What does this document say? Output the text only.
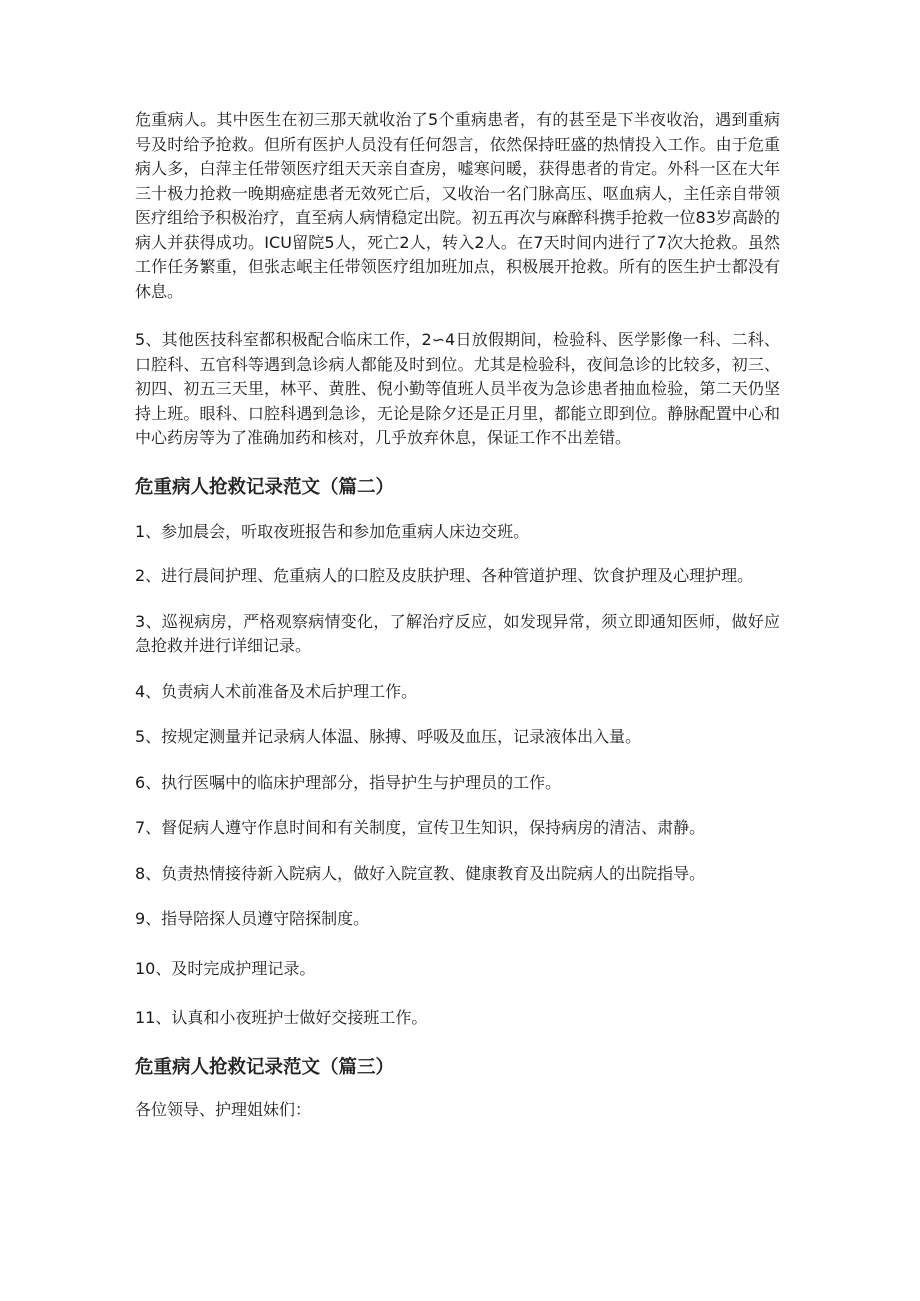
危重病人。其中医生在初三那天就收治了5个重病患者，有的甚至是下半夜收治，遇到重病号及时给予抢救。但所有医护人员没有任何怨言，依然保持旺盛的热情投入工作。由于危重病人多，白萍主任带领医疗组天天亲自查房，嘘寒问暖，获得患者的肯定。外科一区在大年三十极力抢救一晚期癌症患者无效死亡后，又收治一名门脉高压、呕血病人，主任亲自带领医疗组给予积极治疗，直至病人病情稳定出院。初五再次与麻醉科携手抢救一位83岁高龄的病人并获得成功。ICU留院5人，死亡2人，转入2人。在7天时间内进行了7次大抢救。虽然工作任务繁重，但张志岷主任带领医疗组加班加点，积极展开抢救。所有的医生护士都没有休息。

5、其他医技科室都积极配合临床工作，2∽4日放假期间，检验科、医学影像一科、二科、口腔科、五官科等遇到急诊病人都能及时到位。尤其是检验科，夜间急诊的比较多，初三、初四、初五三天里，林平、黄胜、倪小勤等值班人员半夜为急诊患者抽血检验，第二天仍坚持上班。眼科、口腔科遇到急诊，无论是除夕还是正月里，都能立即到位。静脉配置中心和中心药房等为了准确加药和核对，几乎放弃休息，保证工作不出差错。

危重病人抢救记录范文（篇二）
1、参加晨会，听取夜班报告和参加危重病人床边交班。
2、进行晨间护理、危重病人的口腔及皮肤护理、各种管道护理、饮食护理及心理护理。
3、巡视病房，严格观察病情变化，了解治疗反应，如发现异常，须立即通知医师，做好应急抢救并进行详细记录。
4、负责病人术前准备及术后护理工作。
5、按规定测量并记录病人体温、脉搏、呼吸及血压，记录液体出入量。
6、执行医嘱中的临床护理部分，指导护生与护理员的工作。
7、督促病人遵守作息时间和有关制度，宣传卫生知识，保持病房的清洁、肃静。
8、负责热情接待新入院病人，做好入院宣教、健康教育及出院病人的出院指导。
9、指导陪探人员遵守陪探制度。
10、及时完成护理记录。
11、认真和小夜班护士做好交接班工作。
危重病人抢救记录范文（篇三）

各位领导、护理姐妹们：
